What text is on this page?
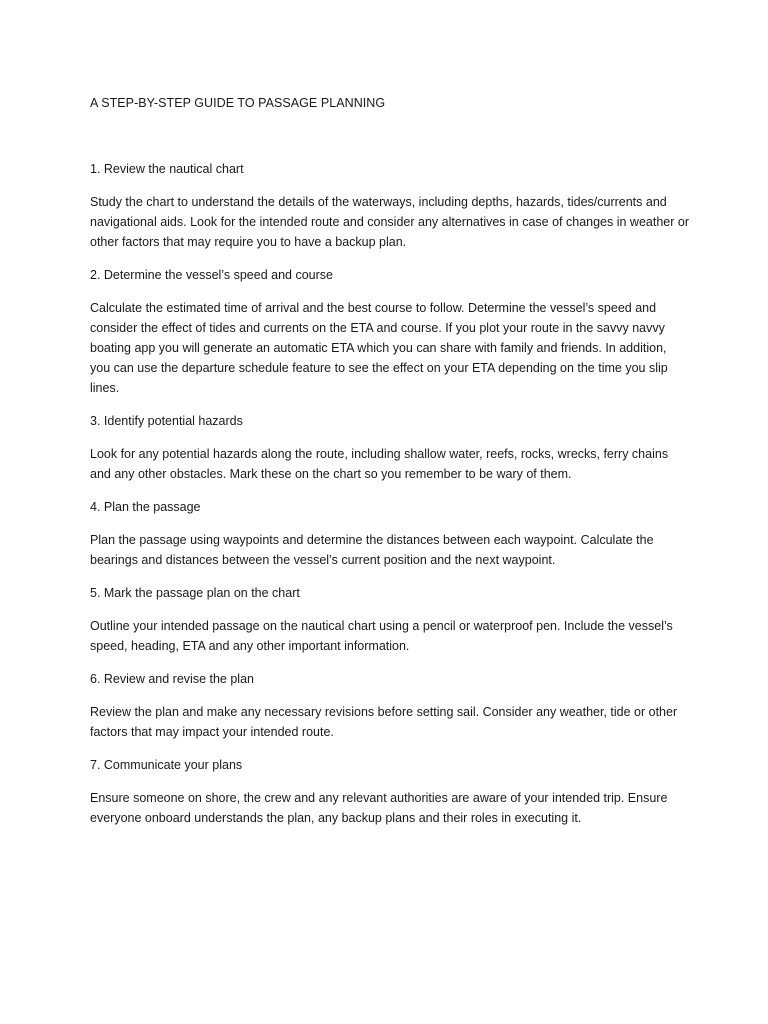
A STEP-BY-STEP GUIDE TO PASSAGE PLANNING

1. Review the nautical chart

Study the chart to understand the details of the waterways, including depths, hazards, tides/currents and navigational aids. Look for the intended route and consider any alternatives in case of changes in weather or other factors that may require you to have a backup plan.

2. Determine the vessel’s speed and course

Calculate the estimated time of arrival and the best course to follow. Determine the vessel’s speed and consider the effect of tides and currents on the ETA and course. If you plot your route in the savvy navvy boating app you will generate an automatic ETA which you can share with family and friends. In addition, you can use the departure schedule feature to see the effect on your ETA depending on the time you slip lines.

3. Identify potential hazards

Look for any potential hazards along the route, including shallow water, reefs, rocks, wrecks, ferry chains and any other obstacles. Mark these on the chart so you remember to be wary of them.

4. Plan the passage

Plan the passage using waypoints and determine the distances between each waypoint. Calculate the bearings and distances between the vessel’s current position and the next waypoint.

5. Mark the passage plan on the chart

Outline your intended passage on the nautical chart using a pencil or waterproof pen. Include the vessel’s speed, heading, ETA and any other important information.

6. Review and revise the plan

Review the plan and make any necessary revisions before setting sail. Consider any weather, tide or other factors that may impact your intended route.

7. Communicate your plans

Ensure someone on shore, the crew and any relevant authorities are aware of your intended trip. Ensure everyone onboard understands the plan, any backup plans and their roles in executing it.
